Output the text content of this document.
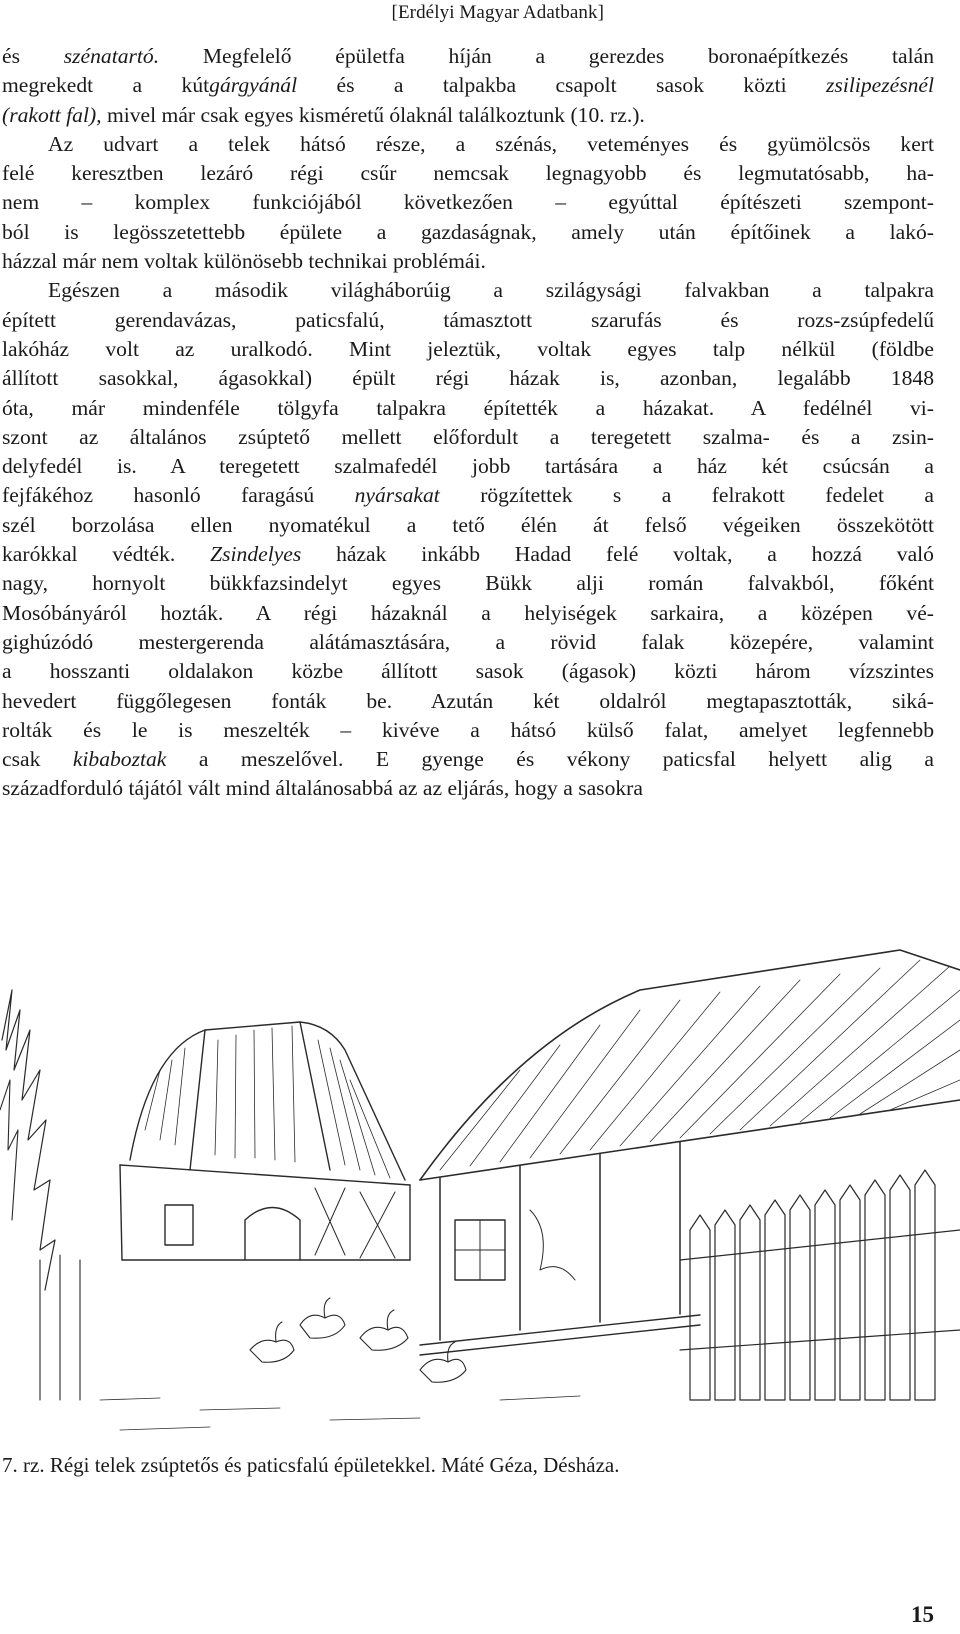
[Erdélyi Magyar Adatbank]

és szénatartó. Megfelelő épületfa híján a gerezdes boronaépítkezés talán

megrekedt a kútgárgyánál és a talpakba csapolt sasok közti zsilipezésnél

(rakott fal), mivel már csak egyes kisméretű ólaknál találkoztunk (10. rz.).

Az udvart a telek hátsó része, a szénás, veteményes és gyümölcsös kert

felé keresztben lezáró régi csűr nemcsak legnagyobb és legmutatósabb, ha-

nem – komplex funkciójából következően – egyúttal építészeti szempont-

ból is legösszetettebb épülete a gazdaságnak, amely után építőinek a lakó-

házzal már nem voltak különösebb technikai problémái.

Egészen a második világháborúig a szilágysági falvakban a talpakra

épített gerendavázas, paticsfalú, támasztott szarufás és rozs-zsúpfedelű

lakóház volt az uralkodó. Mint jeleztük, voltak egyes talp nélkül (földbe

állított sasokkal, ágasokkal) épült régi házak is, azonban, legalább 1848

óta, már mindenféle tölgyfa talpakra építették a házakat. A fedélnél vi-

szont az általános zsúptető mellett előfordult a teregetett szalma- és a zsin-

delyfedél is. A teregetett szalmafedél jobb tartására a ház két csúcsán a

fejfákéhoz hasonló faragású nyársakat rögzítettek s a felrakott fedelet a

szél borzolása ellen nyomatékul a tető élén át felső végeiken összekötött

karókkal védték. Zsindelyes házak inkább Hadad felé voltak, a hozzá való

nagy, hornyolt bükkfazsindelyt egyes Bükk alji román falvakból, főként

Mosóbányáról hozták. A régi házaknál a helyiségek sarkaira, a középen vé-

gighúzódó mestergerenda alátámasztására, a rövid falak közepére, valamint

a hosszanti oldalakon közbe állított sasok (ágasok) közti három vízszintes

hevedert függőlegesen fonták be. Azután két oldalról megtapasztották, siká-

rolták és le is meszelték – kivéve a hátsó külső falat, amelyet legfennebb

csak kibaboztak a meszelővel. E gyenge és vékony paticsfal helyett alig a

századforduló tájától vált mind általánosabbá az az eljárás, hogy a sasokra

7. rz. Régi telek zsúptetős és paticsfalú épületekkel. Máté Géza, Désháza.
15
